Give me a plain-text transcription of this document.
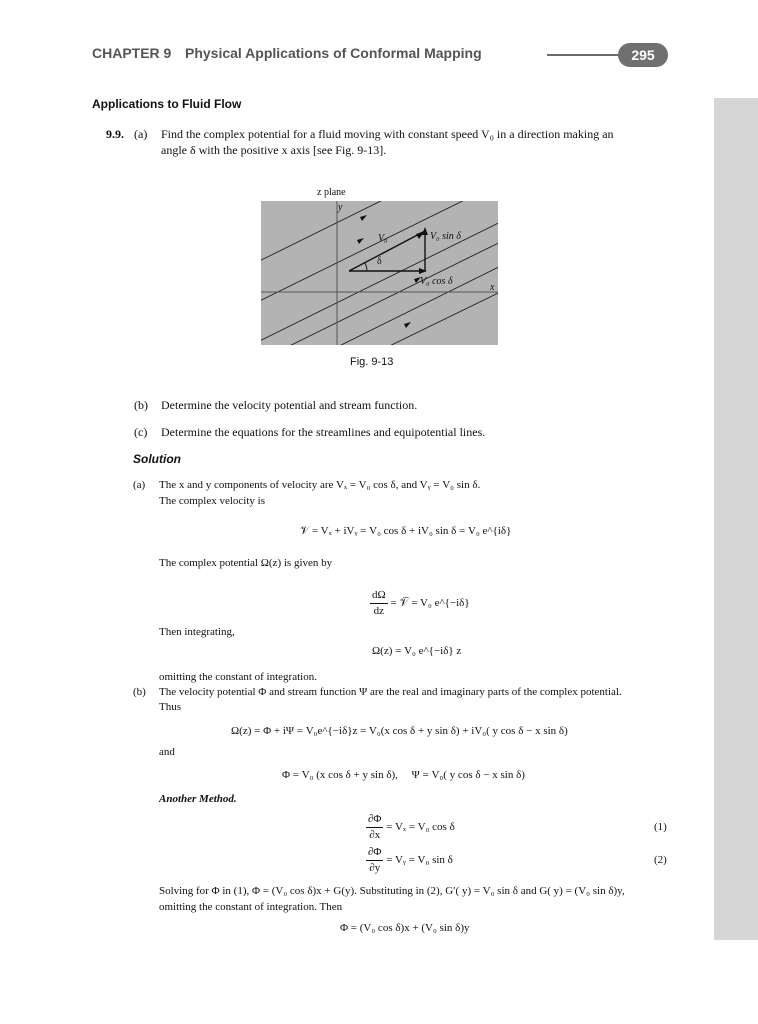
CHAPTER 9 Physical Applications of Conformal Mapping	295
Applications to Fluid Flow
9.9. (a) Find the complex potential for a fluid moving with constant speed V₀ in a direction making an
angle δ with the positive x axis [see Fig. 9-13].
z plane
y
V₀	V₀ sin δ
δ
V₀ cos δ
x
Fig. 9-13
(b) Determine the velocity potential and stream function.
(c) Determine the equations for the streamlines and equipotential lines.
Solution
(a) The x and y components of velocity are Vₓ = V₀ cos δ, and Vᵧ = V₀ sin δ.
The complex velocity is
𝒱 = Vₓ + iVᵧ = V₀ cos δ + iV₀ sin δ = V₀ e^{iδ}
The complex potential Ω(z) is given by
$\frac{d\Omega}{dz}$ = 𝒱̅ = V₀ e^{−iδ}
Then integrating,
Ω(z) = V₀ e^{−iδ} z
omitting the constant of integration.
(b) The velocity potential Φ and stream function Ψ are the real and imaginary parts of the complex potential.
Thus
Ω(z) = Φ + iΨ = V₀e^{−iδ}z = V₀(x cos δ + y sin δ) + iV₀( y cos δ − x sin δ)
and
Φ = V₀ (x cos δ + y sin δ),     Ψ = V₀( y cos δ − x sin δ)
Another Method.
$\frac{\partial\Phi}{\partial x} = V_x = V_0$ cos δ	(1)
$\frac{\partial\Phi}{\partial y}$ = Vᵧ = V₀ sin δ	(2)
Solving for Φ in (1), Φ = (V₀ cos δ)x + G(y). Substituting in (2), G′( y) = V₀ sin δ and G( y) = (V₀ sin δ)y,
omitting the constant of integration. Then
Φ = (V₀ cos δ)x + (V₀ sin δ)y
